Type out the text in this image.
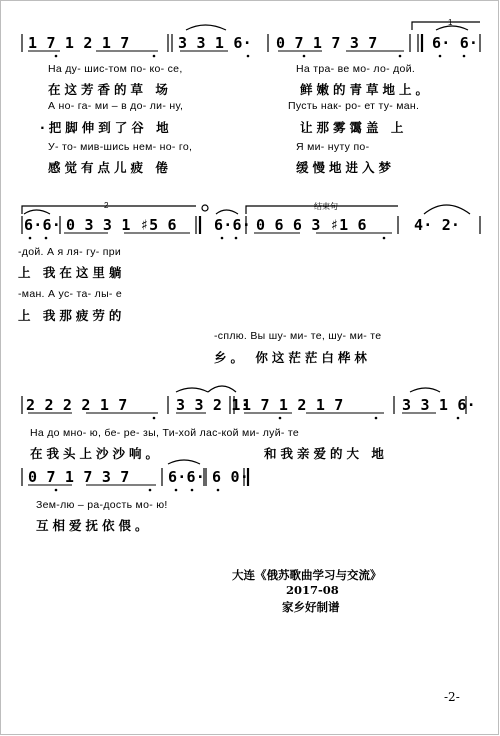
1
1 7 1 2 1 7	3 3 1 6· 0 7 1 7 3 7	6· 6·
На ду- шис-том по- ко- се,	На тра- ве мо- ло- дой.
在这芳香的草 场	鲜嫩的青草地上。
А но- га- ми – в до- ли- ну,	Пусть нак- ро- ет ту- ман.
·把脚伸到了谷 地	让那雾霭盖 上
У- то- мив-шись нем- но- го,	Я ми- нуту по-
感觉有点儿疲 倦	缓慢地进入梦
2	结束句
6·6· 0 3 3 1 ♯5 6 6·6· 0 6 6 3 ♯1 6	4· 2·
-дой. А я ля- гу- при
上 我在这里躺
-ман. А ус- та- лы- е
上 我那疲劳的
-сплю. Вы шу- ми- те, шу- ми- те
乡。 你这茫茫白桦林
2 2 2 2 1 7	3 3 2 1·
1 7 1 2 1 7	3 3 1 6·
На до мно- ю, бе- ре- зы, Ти-хой лас-кой ми- луй- те
在我头上沙沙响。	和我亲爱的大 地
0 7 1 7 3 7	6·6· 6 0·
Зем-лю – ра-дость мо- ю!
互相爱抚依偎。
大连《俄苏歌曲学习与交流》
2017-08
家乡好制谱
-2-
